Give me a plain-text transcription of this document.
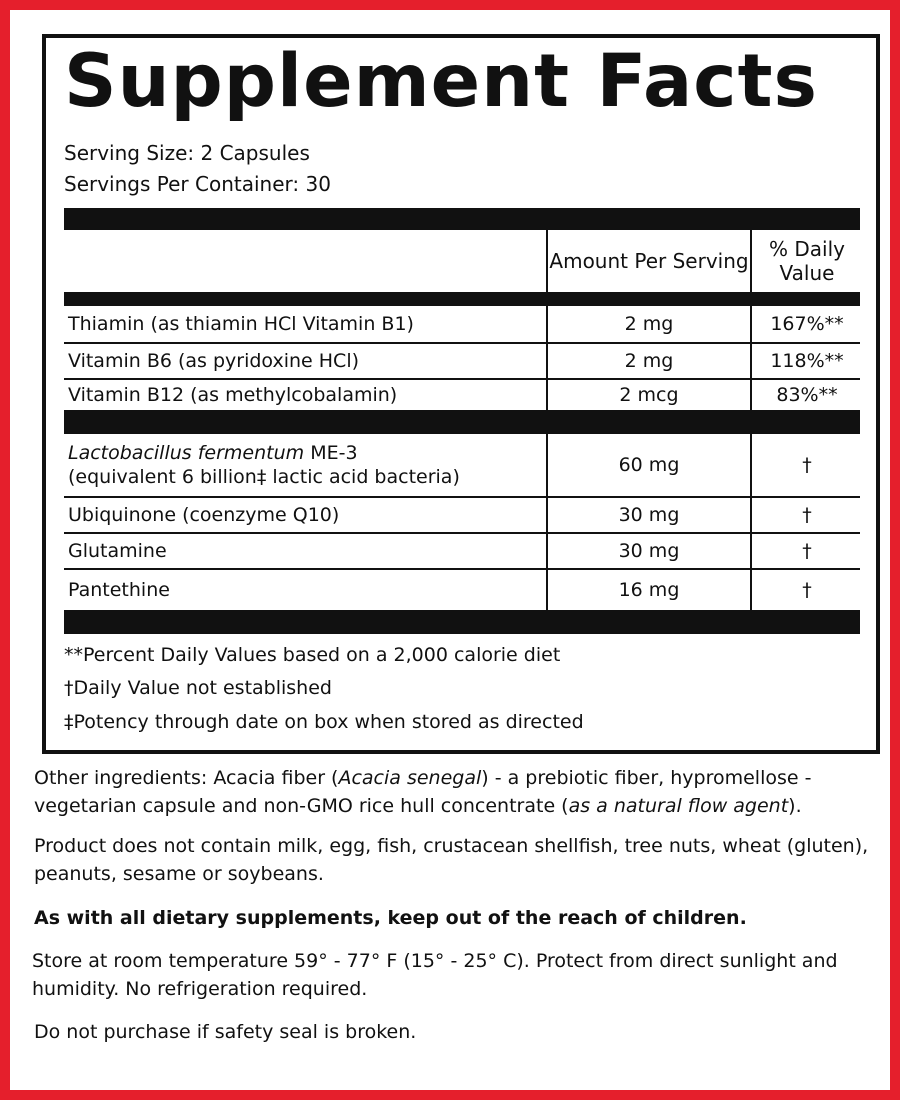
Supplement Facts
Serving Size: 2 Capsules
Servings Per Container: 30
Amount Per Serving	% Daily Value
Thiamin (as thiamin HCl Vitamin B1)	2 mg	167%**
Vitamin B6 (as pyridoxine HCl)	2 mg	118%**
Vitamin B12 (as methylcobalamin)	2 mcg	83%**
Lactobacillus fermentum ME-3
(equivalent 6 billion‡ lactic acid bacteria)
60 mg	†
Ubiquinone (coenzyme Q10)	30 mg	†
Glutamine	30 mg	†
Pantethine	16 mg	†
**Percent Daily Values based on a 2,000 calorie diet
†Daily Value not established
‡Potency through date on box when stored as directed

Other ingredients: Acacia fiber (Acacia senegal) - a prebiotic fiber, hypromellose - vegetarian capsule and non-GMO rice hull concentrate (as a natural flow agent).

Product does not contain milk, egg, fish, crustacean shellfish, tree nuts, wheat (gluten), peanuts, sesame or soybeans.

As with all dietary supplements, keep out of the reach of children.

Store at room temperature 59° - 77° F (15° - 25° C). Protect from direct sunlight and humidity. No refrigeration required.

Do not purchase if safety seal is broken.
